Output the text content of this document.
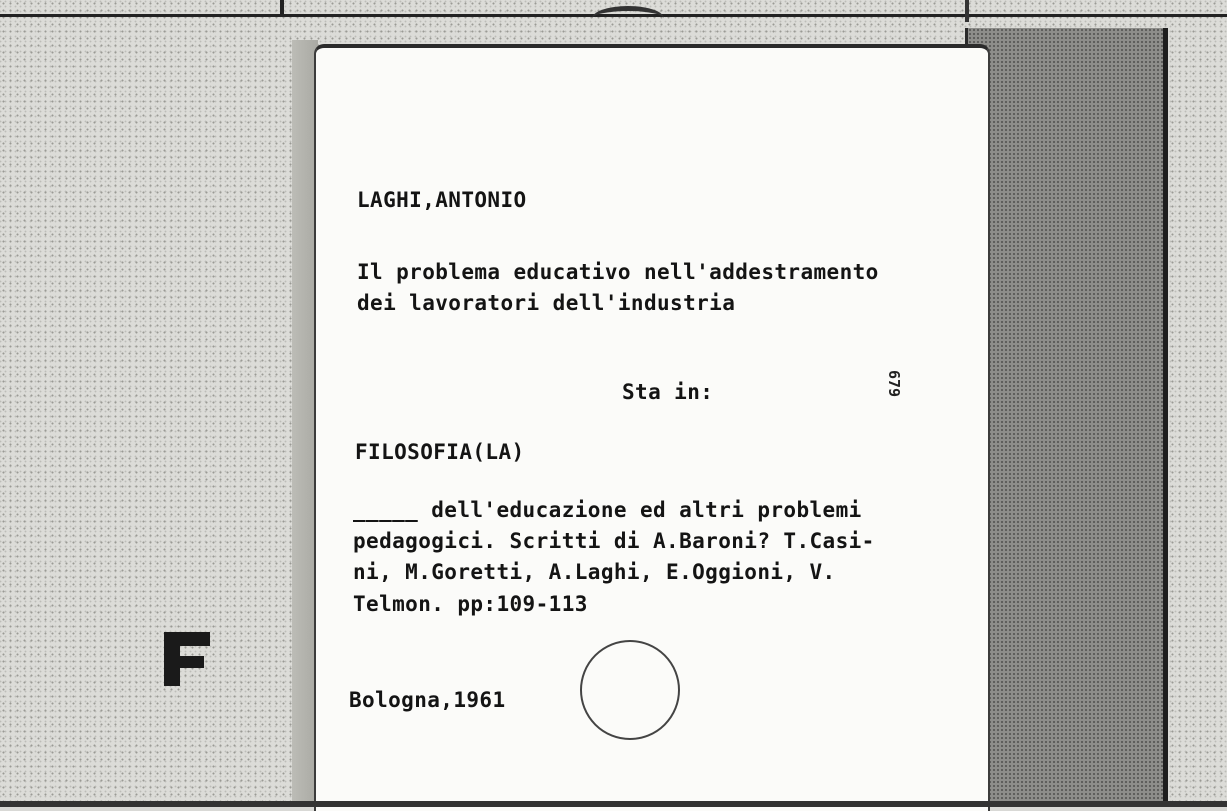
LAGHI,ANTONIO

Il problema educativo nell'addestramento

dei lavoratori dell'industria

Sta in:

FILOSOFIA(LA)

_____ dell'educazione ed altri problemi

pedagogici. Scritti di A.Baroni? T.Casi-

ni, M.Goretti, A.Laghi, E.Oggioni, V.

Telmon. pp:109-113

Bologna,1961

679
